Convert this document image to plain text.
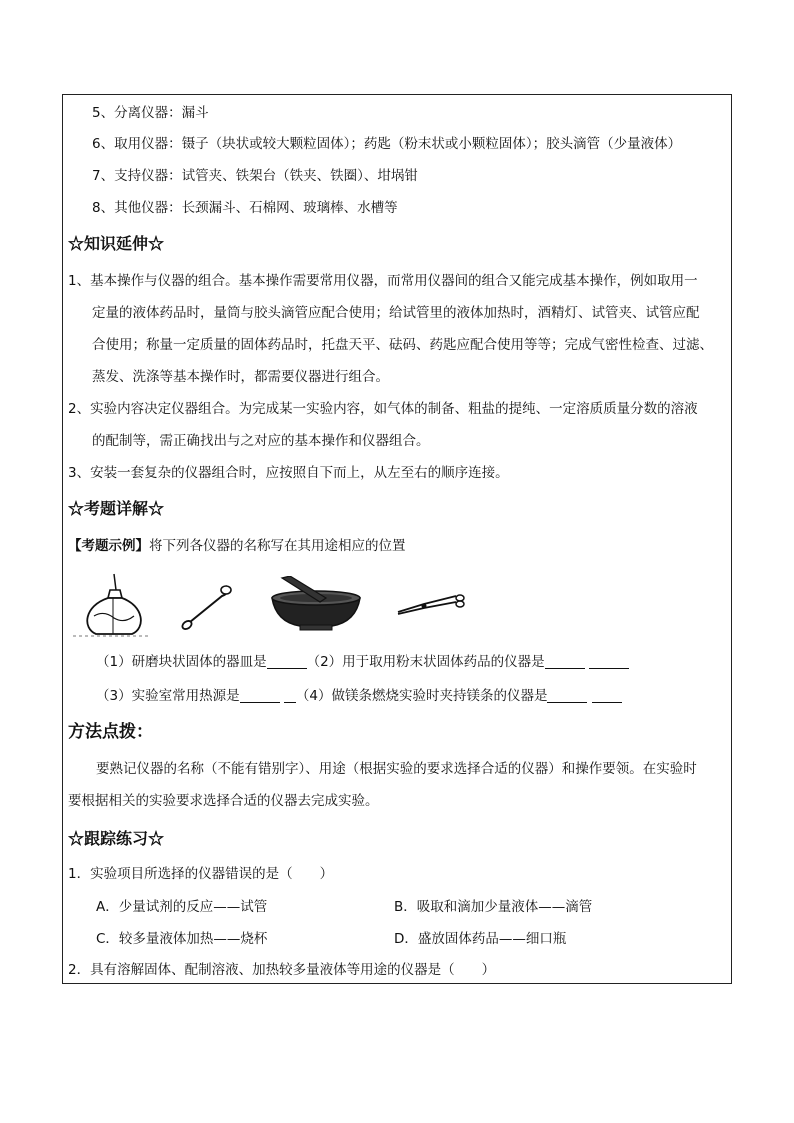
5、分离仪器：漏斗
6、取用仪器：镊子（块状或较大颗粒固体）；药匙（粉末状或小颗粒固体）；胶头滴管（少量液体）
7、支持仪器：试管夹、铁架台（铁夹、铁圈）、坩埚钳
8、其他仪器：长颈漏斗、石棉网、玻璃棒、水槽等
☆知识延伸☆
1、基本操作与仪器的组合。基本操作需要常用仪器，而常用仪器间的组合又能完成基本操作，例如取用一
定量的液体药品时，量筒与胶头滴管应配合使用；给试管里的液体加热时，酒精灯、试管夹、试管应配
合使用；称量一定质量的固体药品时，托盘天平、砝码、药匙应配合使用等等；完成气密性检查、过滤、
蒸发、洗涤等基本操作时，都需要仪器进行组合。
2、实验内容决定仪器组合。为完成某一实验内容，如气体的制备、粗盐的提纯、一定溶质质量分数的溶液
的配制等，需正确找出与之对应的基本操作和仪器组合。
3、安装一套复杂的仪器组合时，应按照自下而上，从左至右的顺序连接。
☆考题详解☆
【考题示例】将下列各仪器的名称写在其用途相应的位置
（1）研磨块状固体的器皿是	（2）用于取用粉末状固体药品的仪器是
（3）实验室常用热源是	（4）做镁条燃烧实验时夹持镁条的仪器是
方法点拨：
要熟记仪器的名称（不能有错别字）、用途（根据实验的要求选择合适的仪器）和操作要领。在实验时
要根据相关的实验要求选择合适的仪器去完成实验。
☆跟踪练习☆
1．实验项目所选择的仪器错误的是（　　）
A．少量试剂的反应——试管	B．吸取和滴加少量液体——滴管
C．较多量液体加热——烧杯	D．盛放固体药品——细口瓶
2．具有溶解固体、配制溶液、加热较多量液体等用途的仪器是（　　）
